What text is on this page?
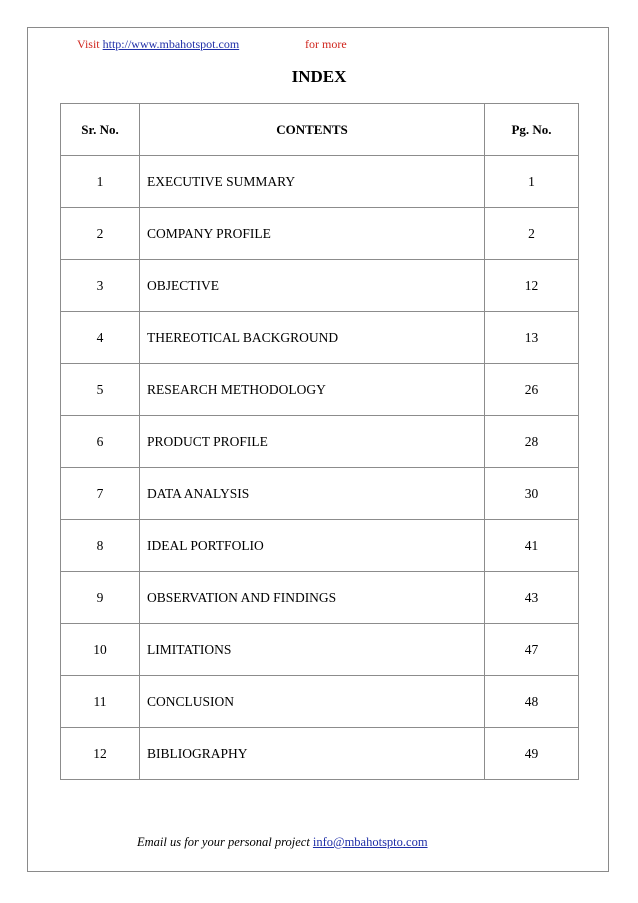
Visit http://www.mbahotspot.com	for more
INDEX
Sr. No.	CONTENTS	Pg. No.
1	EXECUTIVE SUMMARY	1
2	COMPANY PROFILE	2
3	OBJECTIVE	12
4	THEREOTICAL BACKGROUND	13
5	RESEARCH METHODOLOGY	26
6	PRODUCT PROFILE	28
7	DATA ANALYSIS	30
8	IDEAL PORTFOLIO	41
9	OBSERVATION AND FINDINGS	43
10	LIMITATIONS	47
11	CONCLUSION	48
12	BIBLIOGRAPHY	49
Email us for your personal project info@mbahotspto.com
